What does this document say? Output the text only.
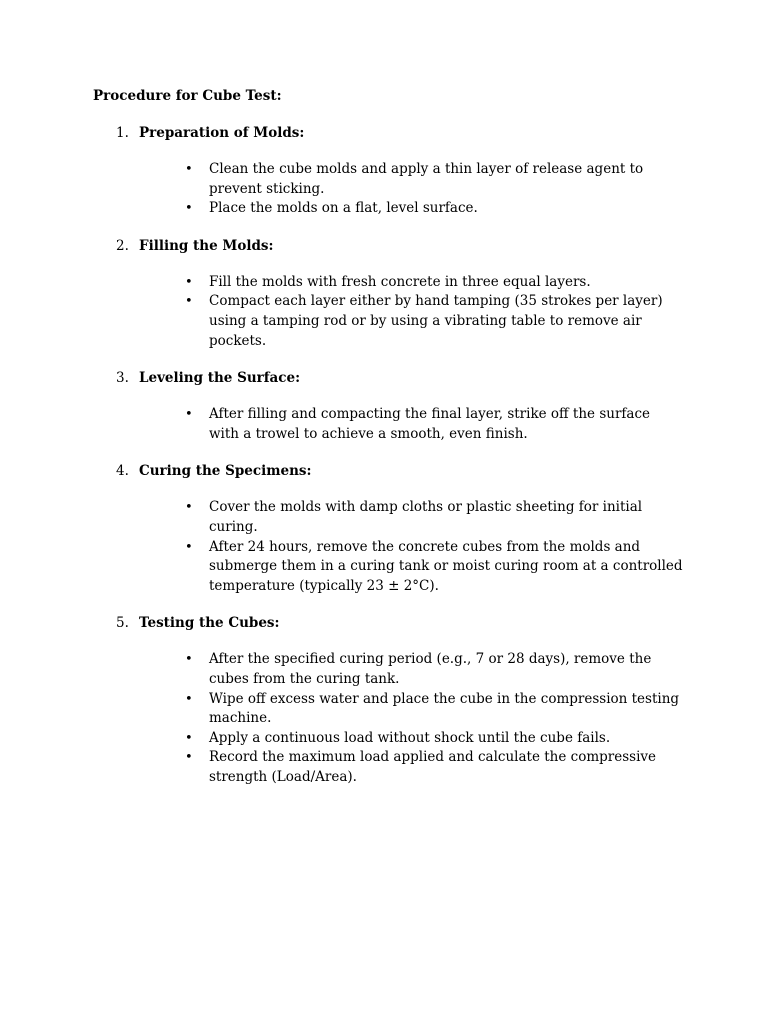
Procedure for Cube Test:

1. Preparation of Molds:

• Clean the cube molds and apply a thin layer of release agent to prevent sticking.
• Place the molds on a flat, level surface.
2. Filling the Molds:

• Fill the molds with fresh concrete in three equal layers.
• Compact each layer either by hand tamping (35 strokes per layer) using a tamping rod or by using a vibrating table to remove air pockets.
3. Leveling the Surface:

• After filling and compacting the final layer, strike off the surface with a trowel to achieve a smooth, even finish.
4. Curing the Specimens:

• Cover the molds with damp cloths or plastic sheeting for initial curing.
• After 24 hours, remove the concrete cubes from the molds and submerge them in a curing tank or moist curing room at a controlled temperature (typically 23 ± 2°C).
5. Testing the Cubes:

• After the specified curing period (e.g., 7 or 28 days), remove the cubes from the curing tank.
• Wipe off excess water and place the cube in the compression testing machine.
• Apply a continuous load without shock until the cube fails.
• Record the maximum load applied and calculate the compressive strength (Load/Area).
